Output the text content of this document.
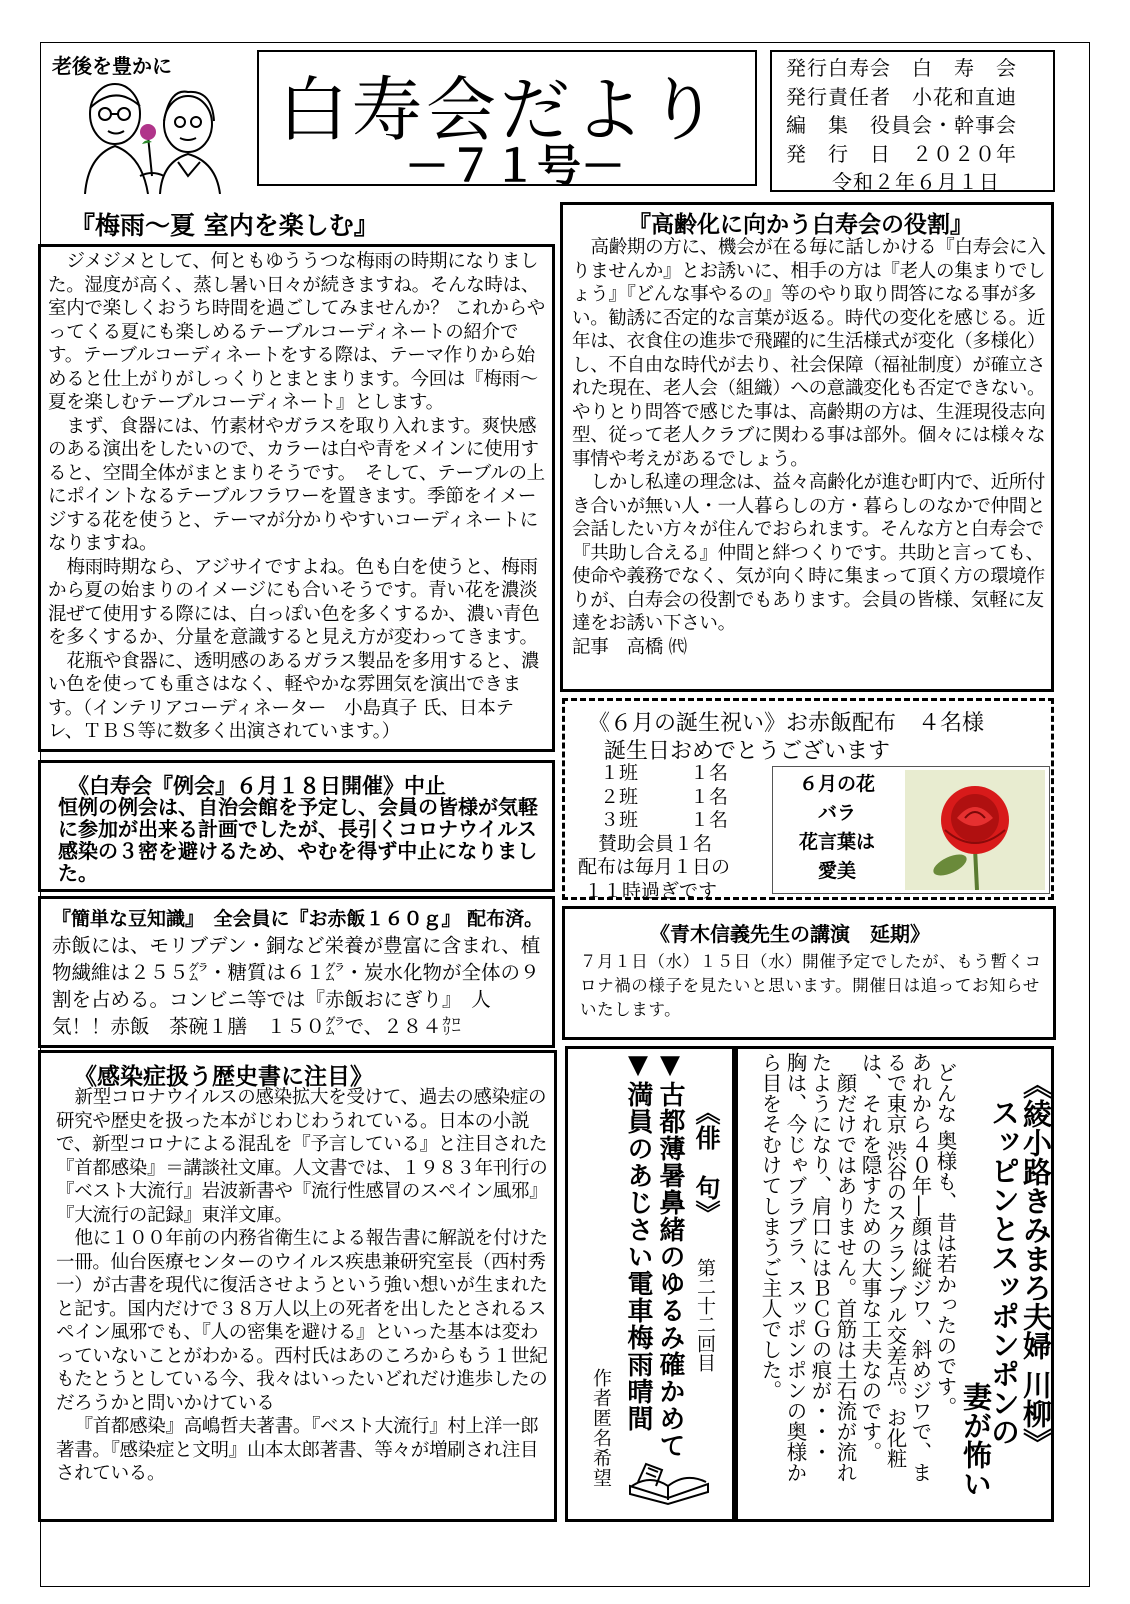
老後を豊かに
白寿会だより
－７１号－
発行白寿会　 白　寿　会
発行責任者　 小花和直迪
編　集　 役員会・幹事会
発　行　日　 ２０２０年
令和２年６月１日
『梅雨～夏 室内を楽しむ』

ジメジメとして、何ともゆううつな梅雨の時期になりました。湿度が高く、蒸し暑い日々が続きますね。そんな時は、室内で楽しくおうち時間を過ごしてみませんか？ これからやってくる夏にも楽しめるテーブルコーディネートの紹介です。テーブルコーディネートをする際は、テーマ作りから始めると仕上がりがしっくりとまとまります。今回は『梅雨～夏を楽しむテーブルコーディネート』とします。

まず、食器には、竹素材やガラスを取り入れます。爽快感のある演出をしたいので、カラーは白や青をメインに使用すると、空間全体がまとまりそうです。　そして、テーブルの上にポイントなるテーブルフラワーを置きます。季節をイメージする花を使うと、テーマが分かりやすいコーディネートになりますね。

梅雨時期なら、アジサイですよね。色も白を使うと、梅雨から夏の始まりのイメージにも合いそうです。青い花を濃淡混ぜて使用する際には、白っぽい色を多くするか、濃い青色を多くするか、分量を意識すると見え方が変わってきます。

花瓶や食器に、透明感のあるガラス製品を多用すると、濃い色を使っても重さはなく、軽やかな雰囲気を演出できます。（インテリアコーディネーター　小島真子 氏、日本テレ、ＴＢＳ等に数多く出演されています。）

『高齢化に向かう白寿会の役割』

高齢期の方に、機会が在る毎に話しかける『白寿会に入りませんか』とお誘いに、相手の方は『老人の集まりでしょう』『どんな事やるの』等のやり取り問答になる事が多い。勧誘に否定的な言葉が返る。時代の変化を感じる。近年は、衣食住の進歩で飛躍的に生活様式が変化（多様化）し、不自由な時代が去り、社会保障（福祉制度）が確立された現在、老人会（組織）への意識変化も否定できない。やりとり問答で感じた事は、高齢期の方は、生涯現役志向型、従って老人クラブに関わる事は部外。個々には様々な事情や考えがあるでしょう。

しかし私達の理念は、益々高齢化が進む町内で、近所付き合いが無い人・一人暮らしの方・暮らしのなかで仲間と会話したい方々が住んでおられます。そんな方と白寿会で『共助し合える』仲間と絆つくりです。共助と言っても、使命や義務でなく、気が向く時に集まって頂く方の環境作りが、白寿会の役割でもあります。会員の皆様、気軽に友達をお誘い下さい。

記事　高橋 ㈹

《６月の誕生祝い》お赤飯配布　４名様
誕生日おめでとうございます
１班	１名
２班	１名
３班	１名
賛助会員１名
配布は毎月１日の
１１時過ぎです
６月の花
バラ
花言葉は
愛美
《白寿会『例会』６月１８日開催》中止
恒例の例会は、自治会館を予定し、会員の皆様が気軽に参加が出来る計画でしたが、長引くコロナウイルス感染の３密を避けるため、やむを得ず中止になりました。
『簡単な豆知識』　全会員に『お赤飯１６０ｇ』 配布済。
赤飯には、モリブデン・銅など栄養が豊富に含まれ、植物繊維は２５５㌘・糖質は６１㌘・炭水化物が全体の９割を占める。コンビニ等では『赤飯おにぎり』　人気！！赤飯　茶碗１膳　１５０㌘で、２８４㌍
《青木信義先生の講演　延期》
７月１日（水）１５日（水）開催予定でしたが、もう暫くコロナ禍の様子を見たいと思います。開催日は追ってお知らせいたします。
《感染症扱う歴史書に注目》

新型コロナウイルスの感染拡大を受けて、過去の感染症の研究や歴史を扱った本がじわじわうれている。日本の小説で、新型コロナによる混乱を『予言している』と注目された『首都感染』＝講談社文庫。人文書では、１９８３年刊行の『ベスト大流行』岩波新書や『流行性感冒のスペイン風邪』『大流行の記録』東洋文庫。

他に１００年前の内務省衛生による報告書に解説を付けた一冊。仙台医療センターのウイルス疾患兼研究室長（西村秀一）が古書を現代に復活させようという強い想いが生まれたと記す。国内だけで３８万人以上の死者を出したとされるスペイン風邪でも、『人の密集を避ける』といった基本は変わっていないことがわかる。西村氏はあのころからもう１世紀もたとうとしている今、我々はいったいどれだけ進歩したのだろうかと問いかけている

『首都感染』高嶋哲夫著書。『ベスト大流行』村上洋一郎著書。『感染症と文明』山本太郎著書、等々が増刷され注目されている。

《俳　句》
第二十二回目
▼古都薄暑鼻緒のゆるみ確かめて
▼満員のあじさい電車梅雨晴間
作者匿名希望	《綾小路きみまろ夫婦 川柳》
スッピンとスッポンポンの
妻が怖い
どんな 奥様も、昔は若かったのです。
あれから４０年―顔は縦ジワ、斜めジワで、ま
るで東京 渋谷のスクランブル交差点。お化粧
は、それを隠すための大事な工夫なのです。
　顔だけではありません。首筋は土石流が流れ
たようになり、肩口にはＢＣＧの痕が・・・
胸は、今じゃブラブラ、スッポンポンの奥様か
ら目をそむけてしまうご主人でした。
